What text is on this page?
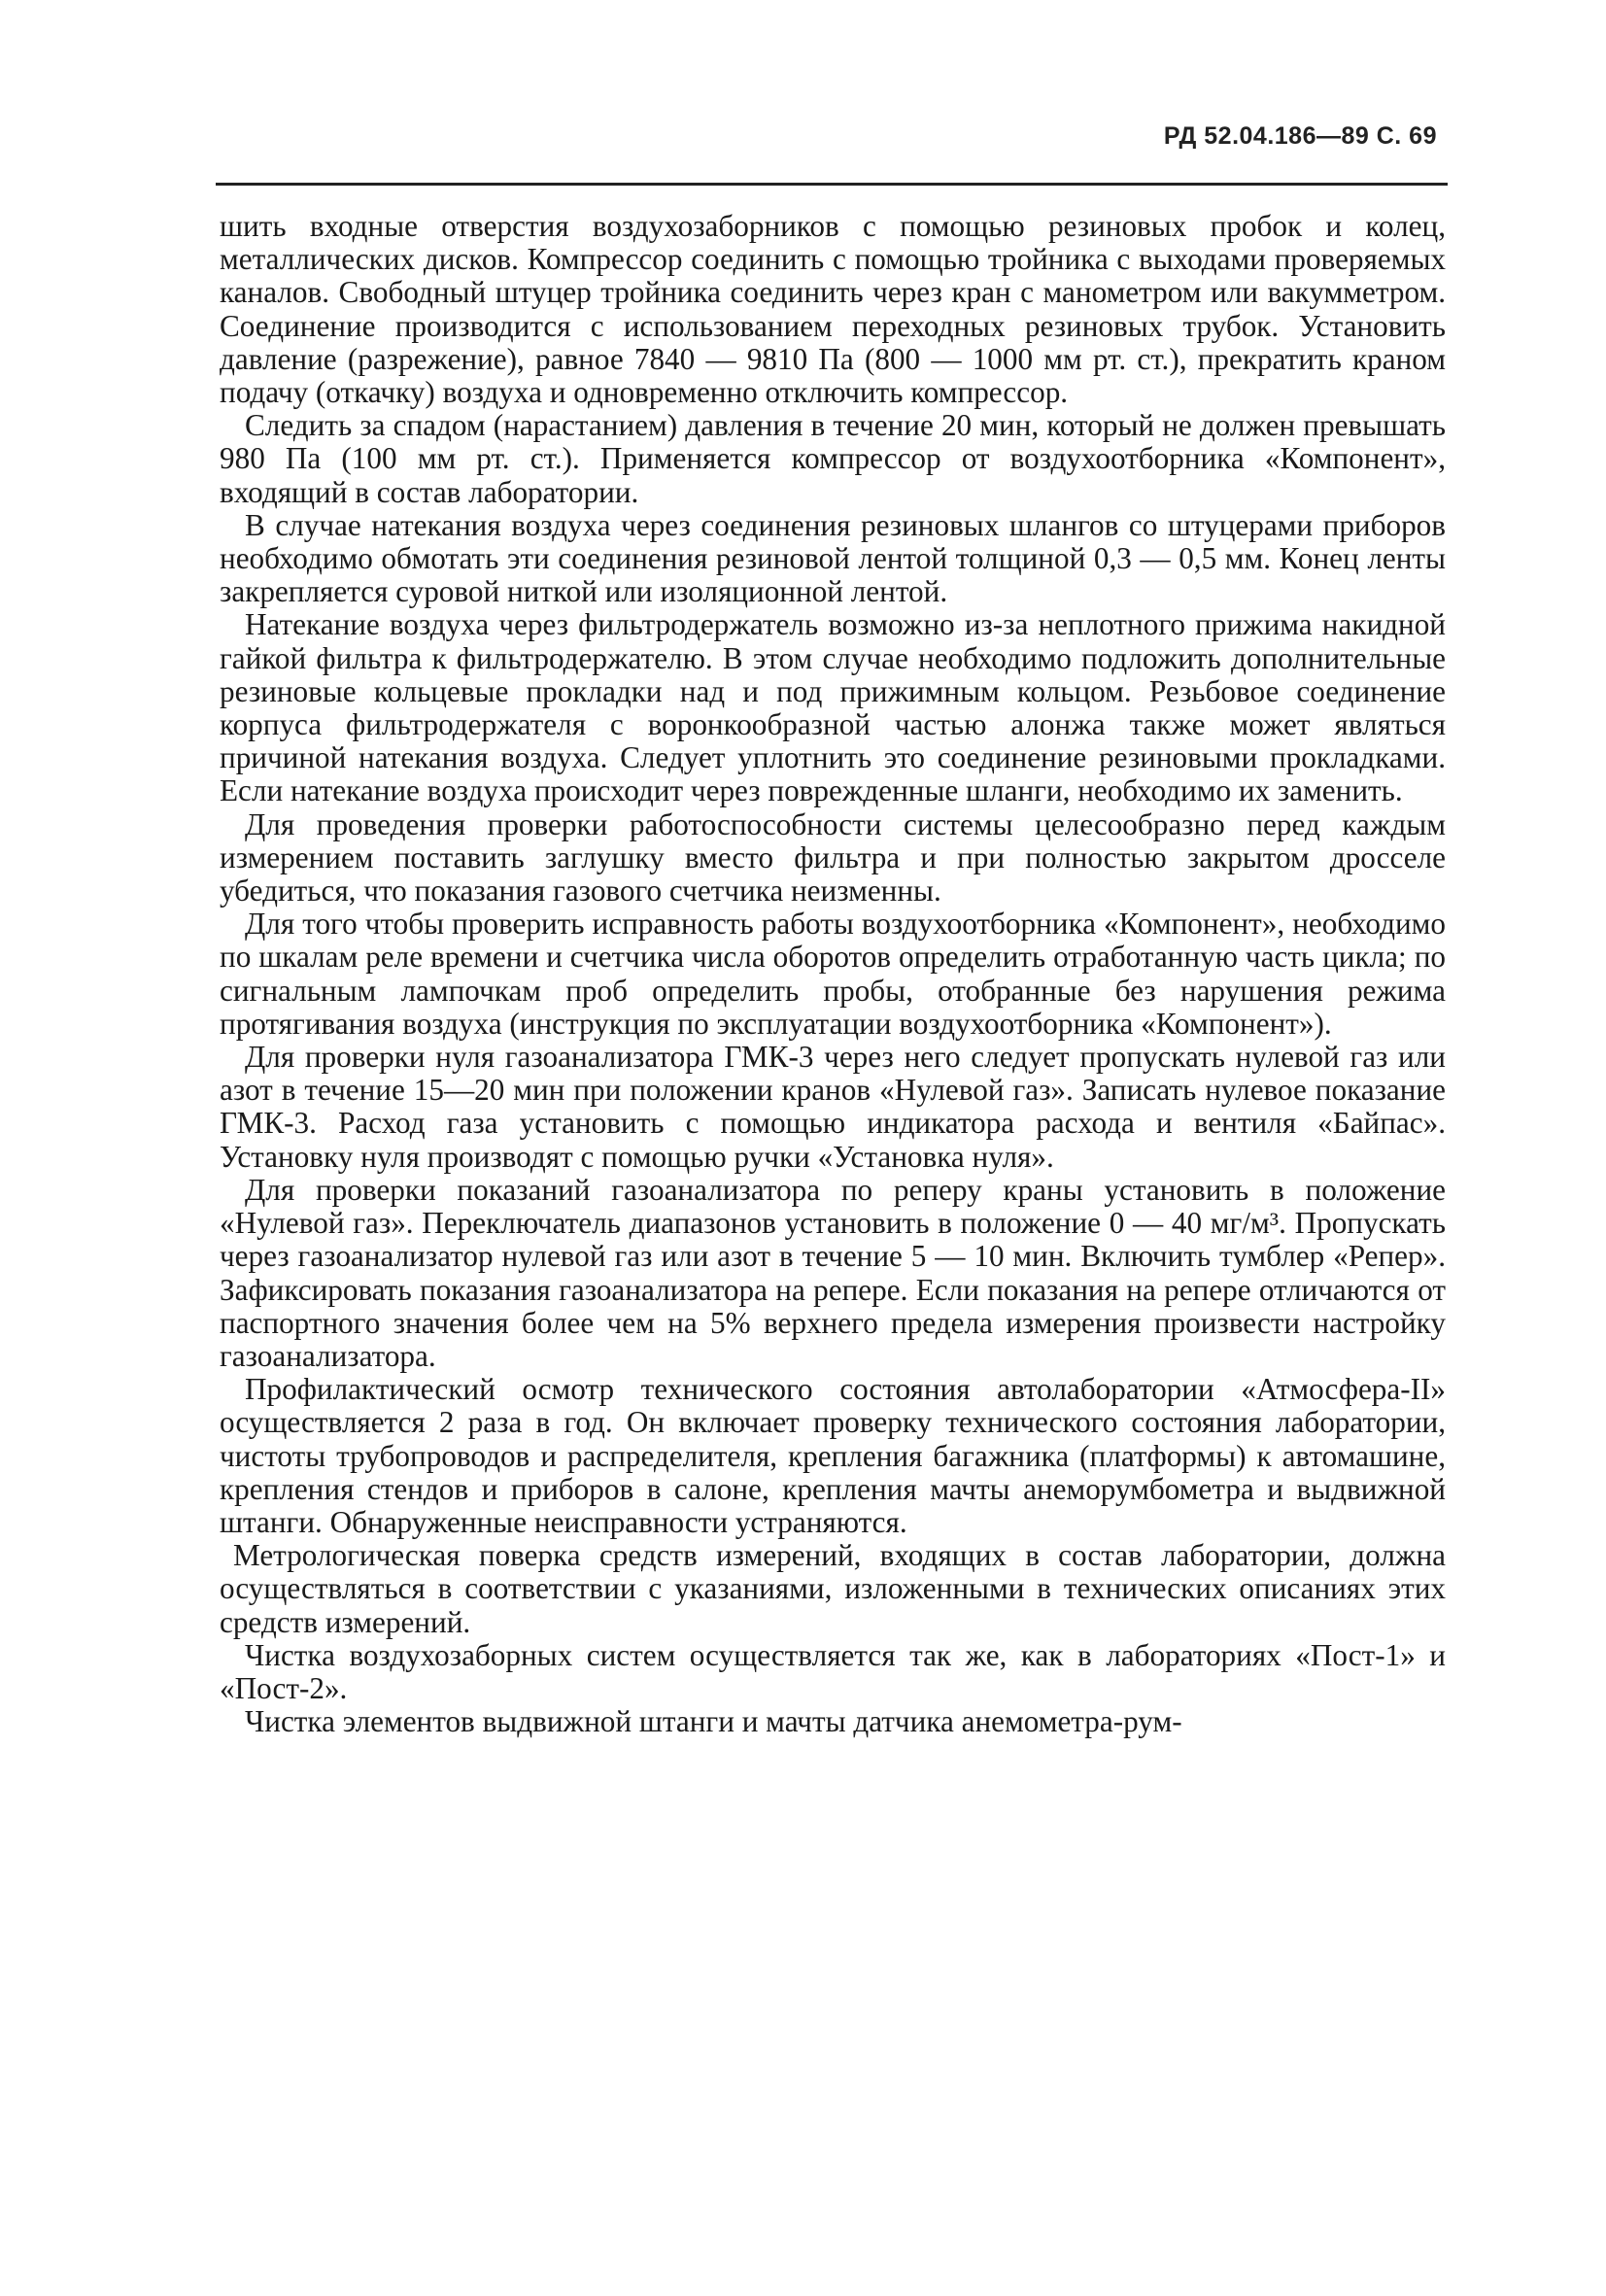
РД 52.04.186—89 С. 69

шить входные отверстия воздухозаборников с помощью резиновых пробок и колец, металлических дисков. Компрессор соединить с помощью тройника с выходами проверяемых каналов. Свободный штуцер тройника соединить через кран с манометром или вакумметром. Соединение производится с использованием переходных резиновых трубок. Установить давление (разрежение), равное 7840 — 9810 Па (800 — 1000 мм рт. ст.), прекратить краном подачу (откачку) воздуха и одновременно отключить компрессор.

Следить за спадом (нарастанием) давления в течение 20 мин, который не должен превышать 980 Па (100 мм рт. ст.). Применяется компрессор от воздухоотборника «Компонент», входящий в состав лаборатории.

В случае натекания воздуха через соединения резиновых шлангов со штуцерами приборов необходимо обмотать эти соединения резиновой лентой толщиной 0,3 — 0,5 мм. Конец ленты закрепляется суровой ниткой или изоляционной лентой.

Натекание воздуха через фильтродержатель возможно из-за неплотного прижима накидной гайкой фильтра к фильтродержателю. В этом случае необходимо подложить дополнительные резиновые кольцевые прокладки над и под прижимным кольцом. Резьбовое соединение корпуса фильтродержателя с воронкообразной частью алонжа также может являться причиной натекания воздуха. Следует уплотнить это соединение резиновыми прокладками. Если натекание воздуха происходит через поврежденные шланги, необходимо их заменить.

Для проведения проверки работоспособности системы целесообразно перед каждым измерением поставить заглушку вместо фильтра и при полностью закрытом дросселе убедиться, что показания газового счетчика неизменны.

Для того чтобы проверить исправность работы воздухоотборника «Компонент», необходимо по шкалам реле времени и счетчика числа оборотов определить отработанную часть цикла; по сигнальным лампочкам проб определить пробы, отобранные без нарушения режима протягивания воздуха (инструкция по эксплуатации воздухоотборника «Компонент»).

Для проверки нуля газоанализатора ГМК-3 через него следует пропускать нулевой газ или азот в течение 15—20 мин при положении кранов «Нулевой газ». Записать нулевое показание ГМК-3. Расход газа установить с помощью индикатора расхода и вентиля «Байпас». Установку нуля производят с помощью ручки «Установка нуля».

Для проверки показаний газоанализатора по реперу краны установить в положение «Нулевой газ». Переключатель диапазонов установить в положение 0 — 40 мг/м³. Пропускать через газоанализатор нулевой газ или азот в течение 5 — 10 мин. Включить тумблер «Репер». Зафиксировать показания газоанализатора на репере. Если показания на репере отличаются от паспортного значения более чем на 5% верхнего предела измерения произвести настройку газоанализатора.

Профилактический осмотр технического состояния автолаборатории «Атмосфера-II» осуществляется 2 раза в год. Он включает проверку технического состояния лаборатории, чистоты трубопроводов и распределителя, крепления багажника (платформы) к автомашине, крепления стендов и приборов в салоне, крепления мачты анеморумбометра и выдвижной штанги. Обнаруженные неисправности устраняются.

Метрологическая поверка средств измерений, входящих в состав лаборатории, должна осуществляться в соответствии с указаниями, изложенными в технических описаниях этих средств измерений.

Чистка воздухозаборных систем осуществляется так же, как в лабораториях «Пост-1» и «Пост-2».

Чистка элементов выдвижной штанги и мачты датчика анемометра-рум-
